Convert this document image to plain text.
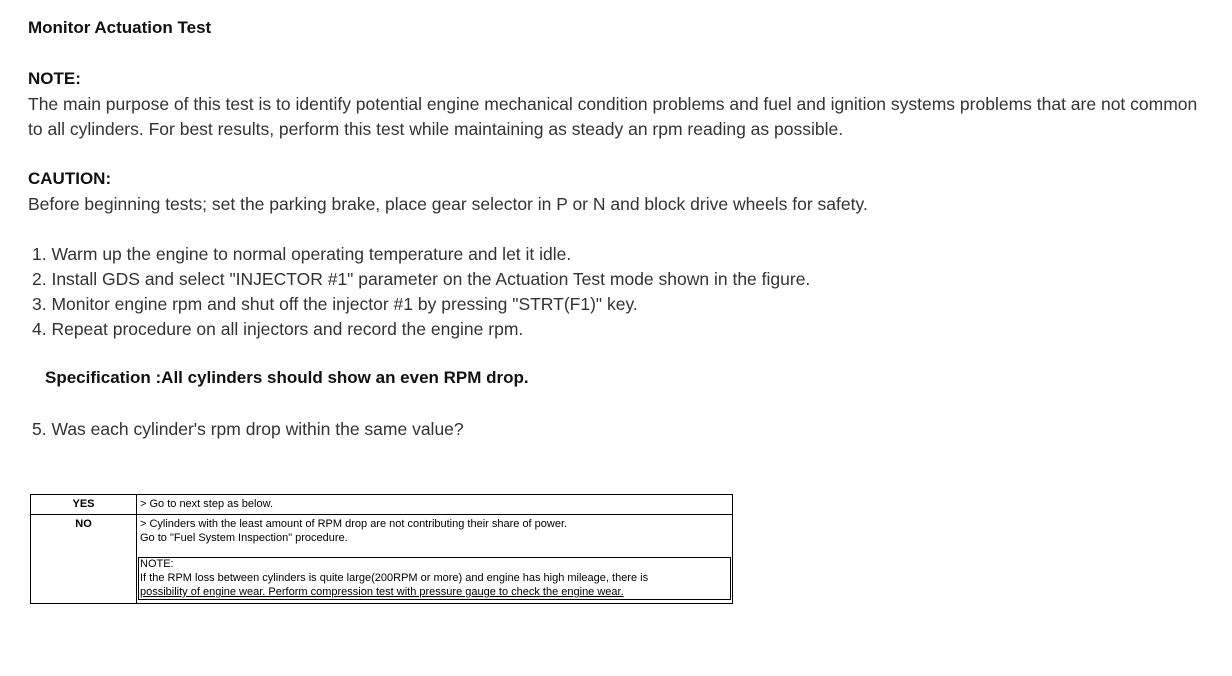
Monitor Actuation Test
NOTE:
The main purpose of this test is to identify potential engine mechanical condition problems and fuel and ignition systems problems that are not common
to all cylinders. For best results, perform this test while maintaining as steady an rpm reading as possible.
CAUTION:
Before beginning tests; set the parking brake, place gear selector in P or N and block drive wheels for safety.
1. Warm up the engine to normal operating temperature and let it idle.
2. Install GDS and select "INJECTOR #1" parameter on the Actuation Test mode shown in the figure.
3. Monitor engine rpm and shut off the injector #1 by pressing "STRT(F1)" key.
4. Repeat procedure on all injectors and record the engine rpm.
Specification :All cylinders should show an even RPM drop.
5. Was each cylinder's rpm drop within the same value?
YES	> Go to next step as below.
NO	> Cylinders with the least amount of RPM drop are not contributing their share of power.
Go to "Fuel System Inspection" procedure.
NOTE:
If the RPM loss between cylinders is quite large(200RPM or more) and engine has high mileage, there is
possibility of engine wear. Perform compression test with pressure gauge to check the engine wear.
